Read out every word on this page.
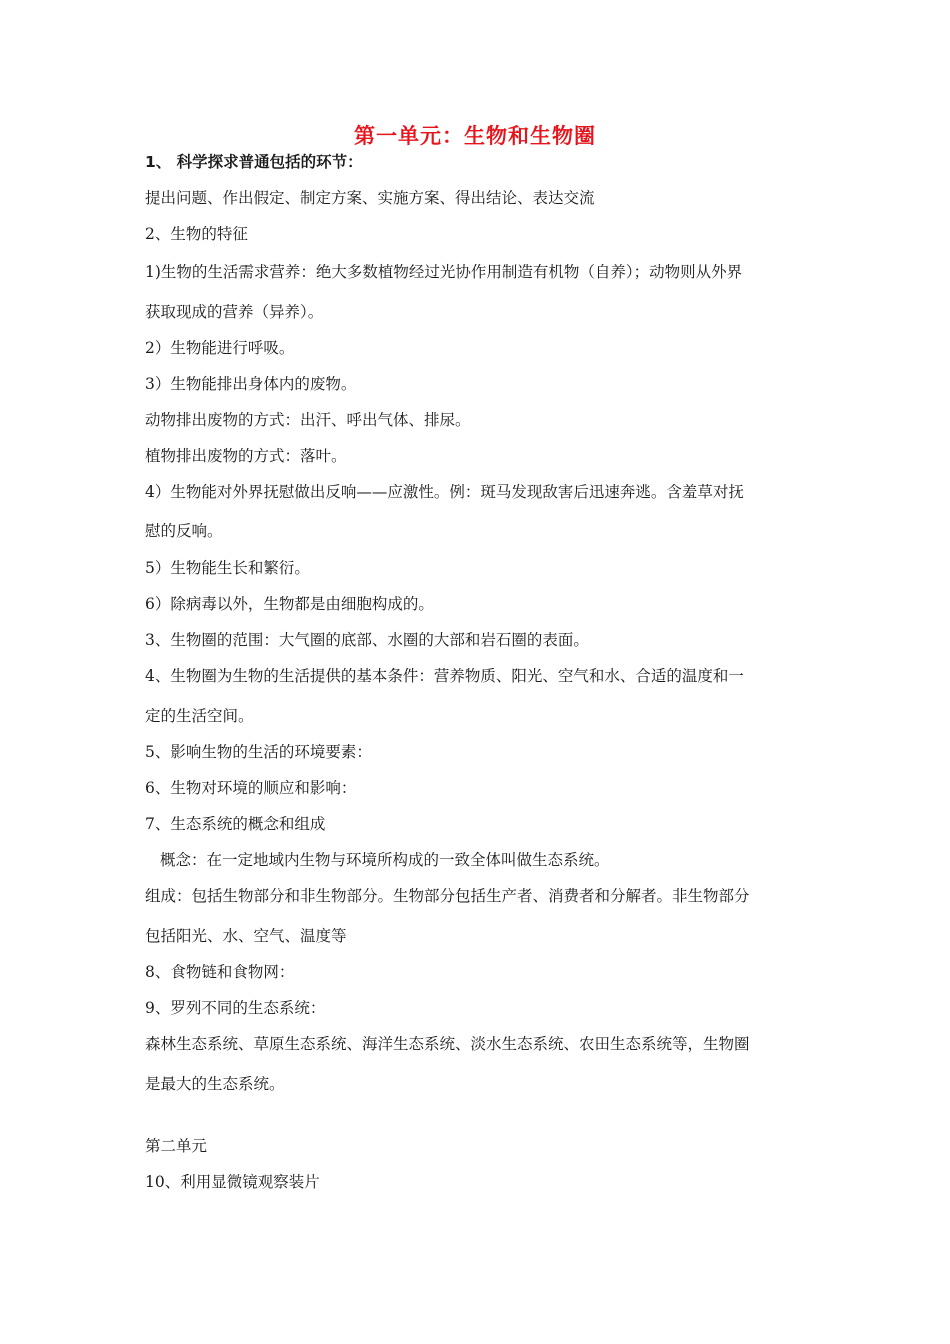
第一单元：生物和生物圈
1、 科学探求普通包括的环节：
提出问题、作出假定、制定方案、实施方案、得出结论、表达交流
2、生物的特征
1)生物的生活需求营养：绝大多数植物经过光协作用制造有机物（自养）；动物则从外界
获取现成的营养（异养）。
2）生物能进行呼吸。
3）生物能排出身体内的废物。
动物排出废物的方式：出汗、呼出气体、排尿。
植物排出废物的方式：落叶。
4）生物能对外界抚慰做出反响——应激性。例：斑马发现敌害后迅速奔逃。含羞草对抚
慰的反响。
5）生物能生长和繁衍。
6）除病毒以外，生物都是由细胞构成的。
3、生物圈的范围：大气圈的底部、水圈的大部和岩石圈的表面。
4、生物圈为生物的生活提供的基本条件：营养物质、阳光、空气和水、合适的温度和一
定的生活空间。
5、影响生物的生活的环境要素：
6、生物对环境的顺应和影响：
7、生态系统的概念和组成
概念：在一定地域内生物与环境所构成的一致全体叫做生态系统。
组成：包括生物部分和非生物部分。生物部分包括生产者、消费者和分解者。非生物部分
包括阳光、水、空气、温度等
8、食物链和食物网：
9、罗列不同的生态系统：
森林生态系统、草原生态系统、海洋生态系统、淡水生态系统、农田生态系统等，生物圈
是最大的生态系统。
第二单元
10、利用显微镜观察装片
